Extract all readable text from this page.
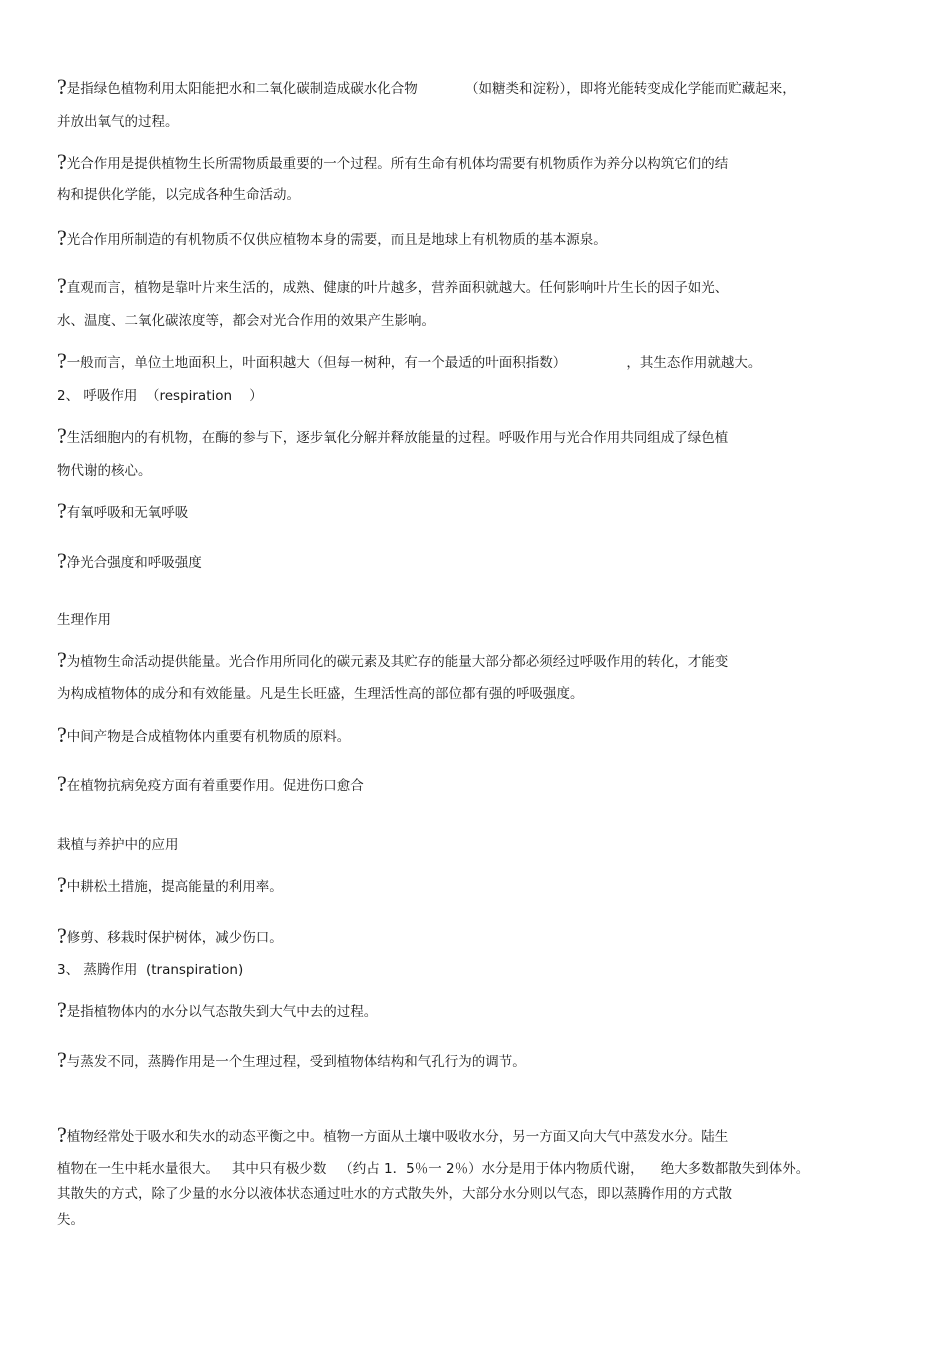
?是指绿色植物利用太阳能把水和二氧化碳制造成碳水化合物           （如糖类和淀粉），即将光能转变成化学能而贮藏起来，
并放出氧气的过程。
?光合作用是提供植物生长所需物质最重要的一个过程。所有生命有机体均需要有机物质作为养分以构筑它们的结
构和提供化学能，以完成各种生命活动。
?光合作用所制造的有机物质不仅供应植物本身的需要，而且是地球上有机物质的基本源泉。
?直观而言，植物是靠叶片来生活的，成熟、健康的叶片越多，营养面积就越大。任何影响叶片生长的因子如光、
水、温度、二氧化碳浓度等，都会对光合作用的效果产生影响。
?一般而言，单位土地面积上，叶面积越大（但每一树种，有一个最适的叶面积指数）              ，其生态作用就越大。
2、 呼吸作用  （respiration    ）
?生活细胞内的有机物，在酶的参与下，逐步氧化分解并释放能量的过程。呼吸作用与光合作用共同组成了绿色植
物代谢的核心。
?有氧呼吸和无氧呼吸
?净光合强度和呼吸强度
生理作用
?为植物生命活动提供能量。光合作用所同化的碳元素及其贮存的能量大部分都必须经过呼吸作用的转化，才能变
为构成植物体的成分和有效能量。凡是生长旺盛，生理活性高的部位都有强的呼吸强度。
?中间产物是合成植物体内重要有机物质的原料。
?在植物抗病免疫方面有着重要作用。促进伤口愈合
栽植与养护中的应用
?中耕松土措施，提高能量的利用率。
?修剪、移栽时保护树体，减少伤口。
3、 蒸腾作用  (transpiration)
?是指植物体内的水分以气态散失到大气中去的过程。
?与蒸发不同，蒸腾作用是一个生理过程，受到植物体结构和气孔行为的调节。
?植物经常处于吸水和失水的动态平衡之中。植物一方面从土壤中吸收水分，另一方面又向大气中蒸发水分。陆生
植物在一生中耗水量很大。   其中只有极少数   （约占 1．5％一 2％）水分是用于体内物质代谢，    绝大多数都散失到体外。
其散失的方式，除了少量的水分以液体状态通过吐水的方式散失外，大部分水分则以气态，即以蒸腾作用的方式散
失。
